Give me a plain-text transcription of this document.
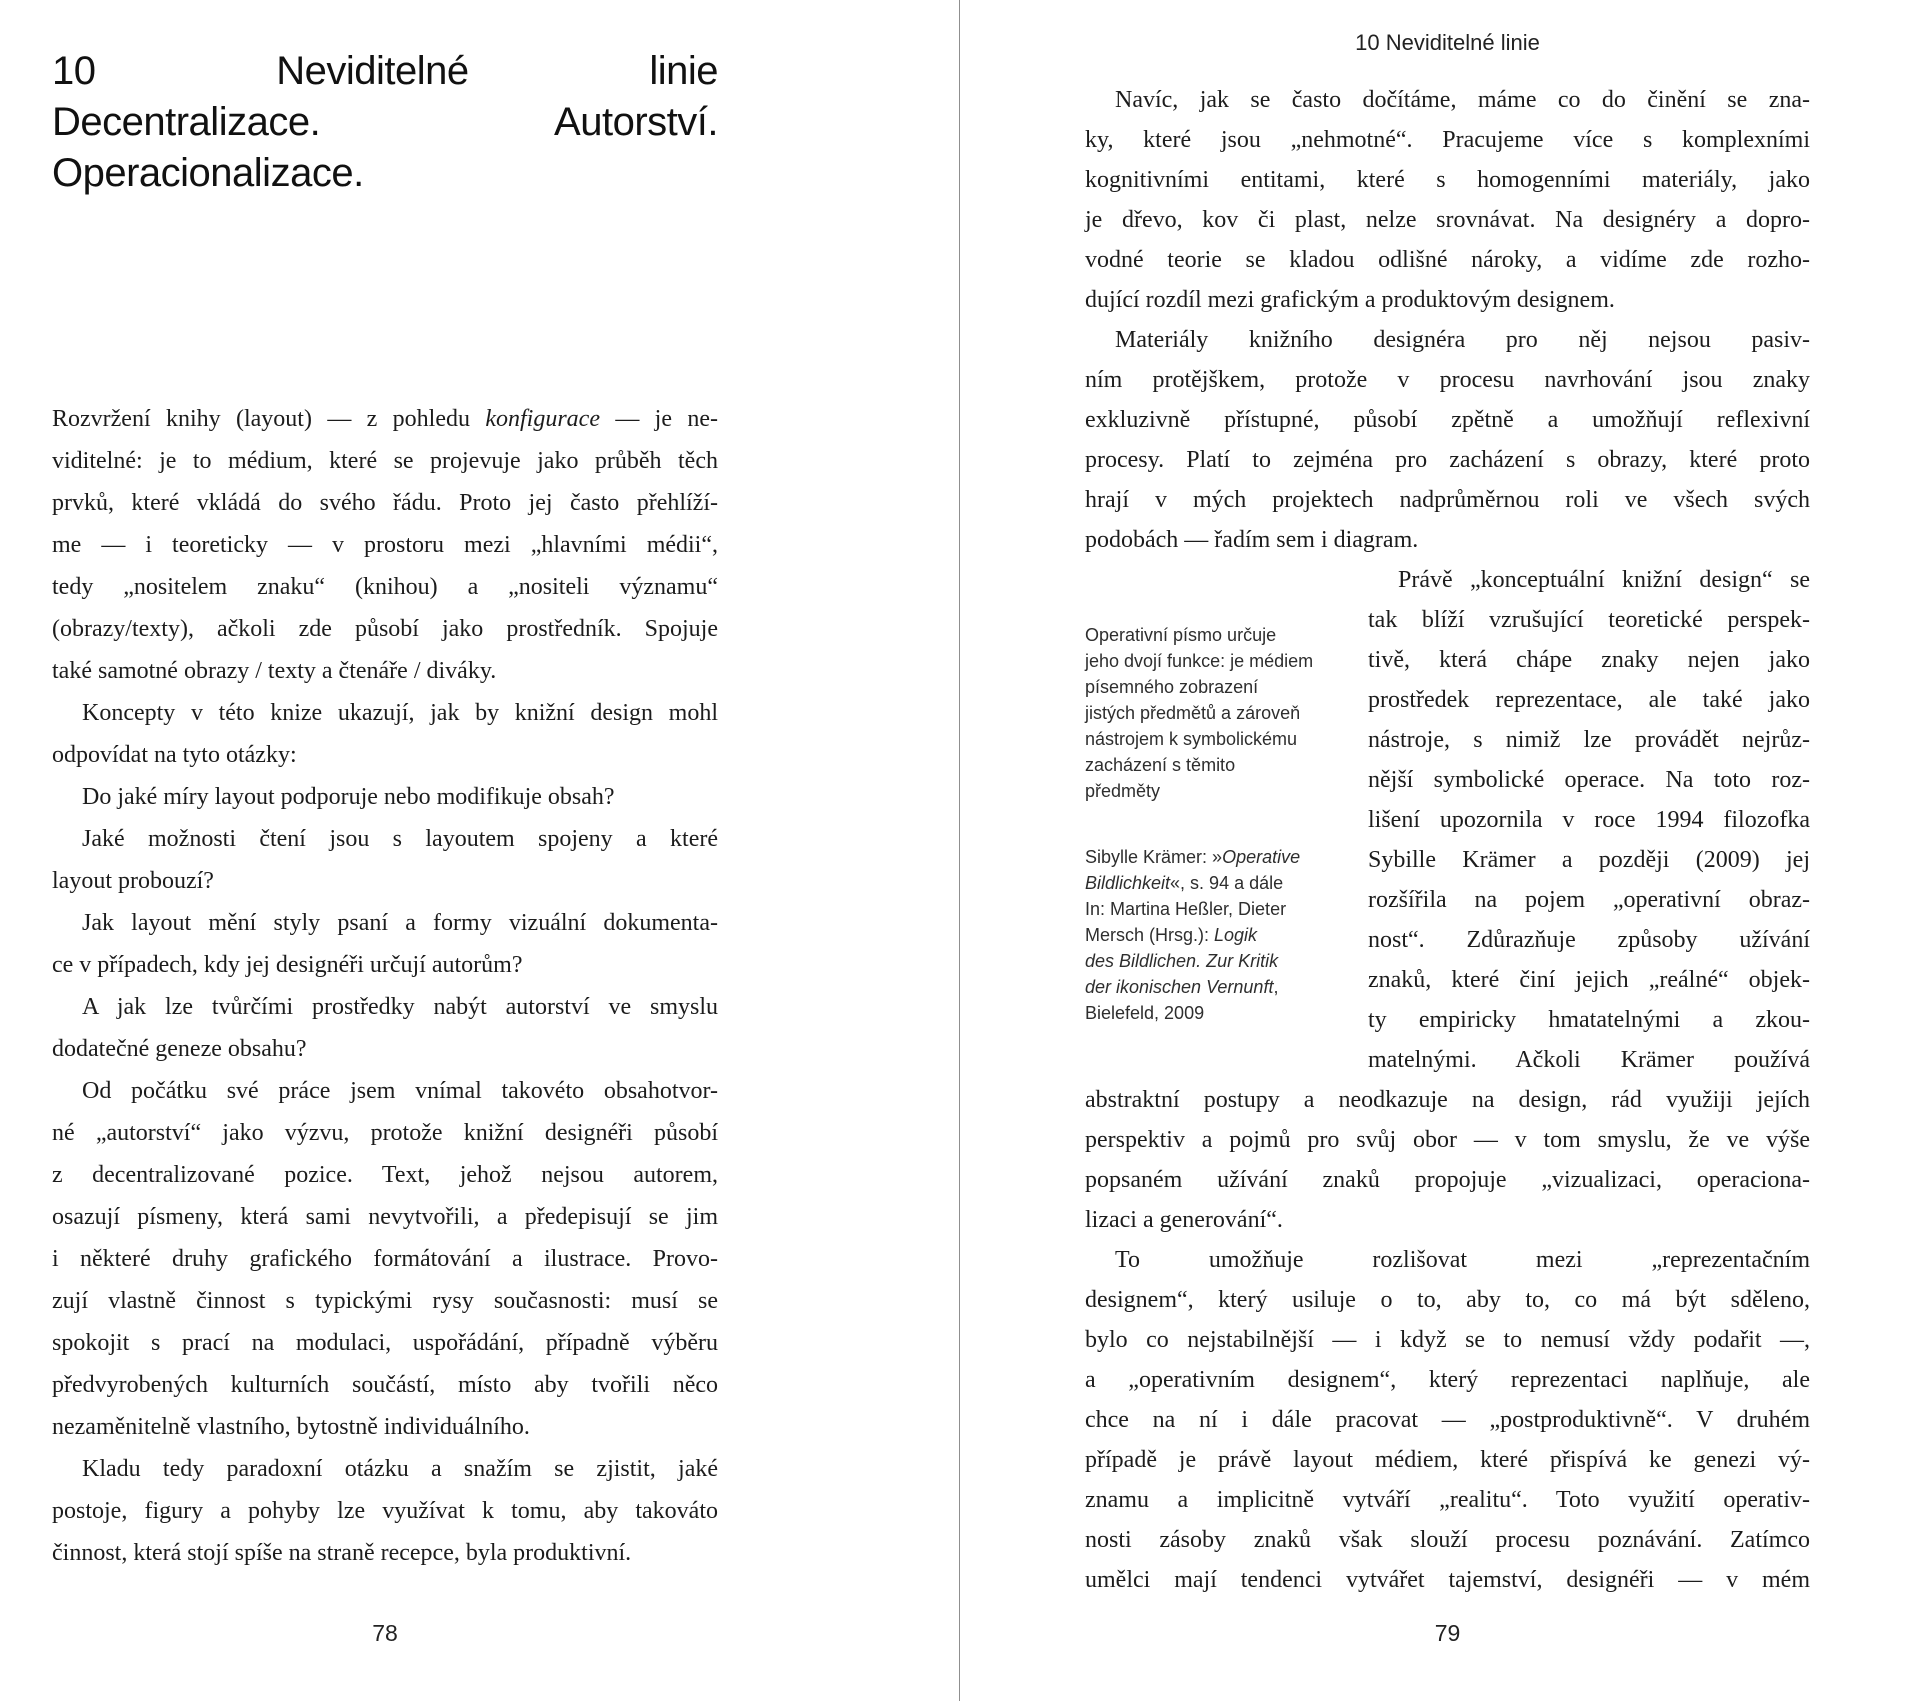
10 Neviditelné linie
Decentralizace. Autorství.
Operacionalizace.
Rozvržení knihy (layout) — z pohledu konfigurace — je ne-
viditelné: je to médium, které se projevuje jako průběh těch
prvků, které vkládá do svého řádu. Proto jej často přehlíží-
me — i teoreticky — v prostoru mezi „hlavními médii“,
tedy „nositelem znaku“ (knihou) a „nositeli významu“
(obrazy/texty), ačkoli zde působí jako prostředník. Spojuje
také samotné obrazy / texty a čtenáře / diváky.
Koncepty v této knize ukazují, jak by knižní design mohl
odpovídat na tyto otázky:
Do jaké míry layout podporuje nebo modifikuje obsah?
Jaké možnosti čtení jsou s layoutem spojeny a které
layout probouzí?
Jak layout mění styly psaní a formy vizuální dokumenta-
ce v případech, kdy jej designéři určují autorům?
A jak lze tvůrčími prostředky nabýt autorství ve smyslu
dodatečné geneze obsahu?
Od počátku své práce jsem vnímal takovéto obsahotvor-
né „autorství“ jako výzvu, protože knižní designéři působí
z decentralizované pozice. Text, jehož nejsou autorem,
osazují písmeny, která sami nevytvořili, a předepisují se jim
i některé druhy grafického formátování a ilustrace. Provo-
zují vlastně činnost s typickými rysy současnosti: musí se
spokojit s prací na modulaci, uspořádání, případně výběru
předvyrobených kulturních součástí, místo aby tvořili něco
nezaměnitelně vlastního, bytostně individuálního.
Kladu tedy paradoxní otázku a snažím se zjistit, jaké
postoje, figury a pohyby lze využívat k tomu, aby takováto
činnost, která stojí spíše na straně recepce, byla produktivní.
78
10 Neviditelné linie
Navíc, jak se často dočítáme, máme co do činění se zna-
ky, které jsou „nehmotné“. Pracujeme více s komplexními
kognitivními entitami, které s homogenními materiály, jako
je dřevo, kov či plast, nelze srovnávat. Na designéry a dopro-
vodné teorie se kladou odlišné nároky, a vidíme zde rozho-
dující rozdíl mezi grafickým a produktovým designem.
Materiály knižního designéra pro něj nejsou pasiv-
ním protějškem, protože v procesu navrhování jsou znaky
exkluzivně přístupné, působí zpětně a umožňují reflexivní
procesy. Platí to zejména pro zacházení s obrazy, které proto
hrají v mých projektech nadprůměrnou roli ve všech svých
podobách — řadím sem i diagram.
Operativní písmo určuje
jeho dvojí funkce: je médiem
písemného zobrazení
jistých předmětů a zároveň
nástrojem k symbolickému
zacházení s těmito
předměty
Sibylle Krämer: »Operative
Bildlichkeit«, s. 94 a dále
In: Martina Heßler, Dieter
Mersch (Hrsg.): Logik
des Bildlichen. Zur Kritik
der ikonischen Vernunft,
Bielefeld, 2009
Právě „konceptuální knižní design“ se
tak blíží vzrušující teoretické perspek-
tivě, která chápe znaky nejen jako
prostředek reprezentace, ale také jako
nástroje, s nimiž lze provádět nejrůz-
nější symbolické operace. Na toto roz-
lišení upozornila v roce 1994 filozofka
Sybille Krämer a později (2009) jej
rozšířila na pojem „operativní obraz-
nost“. Zdůrazňuje způsoby užívání
znaků, které činí jejich „reálné“ objek-
ty empiricky hmatatelnými a zkou-
matelnými. Ačkoli Krämer používá
abstraktní postupy a neodkazuje na design, rád využiji jejích
perspektiv a pojmů pro svůj obor — v tom smyslu, že ve výše
popsaném užívání znaků propojuje „vizualizaci, operaciona-
lizaci a generování“.
To umožňuje rozlišovat mezi „reprezentačním
designem“, který usiluje o to, aby to, co má být sděleno,
bylo co nejstabilnější — i když se to nemusí vždy podařit —,
a „operativním designem“, který reprezentaci naplňuje, ale
chce na ní i dále pracovat — „postproduktivně“. V druhém
případě je právě layout médiem, které přispívá ke genezi vý-
znamu a implicitně vytváří „realitu“. Toto využití operativ-
nosti zásoby znaků však slouží procesu poznávání. Zatímco
umělci mají tendenci vytvářet tajemství, designéři — v mém
79
